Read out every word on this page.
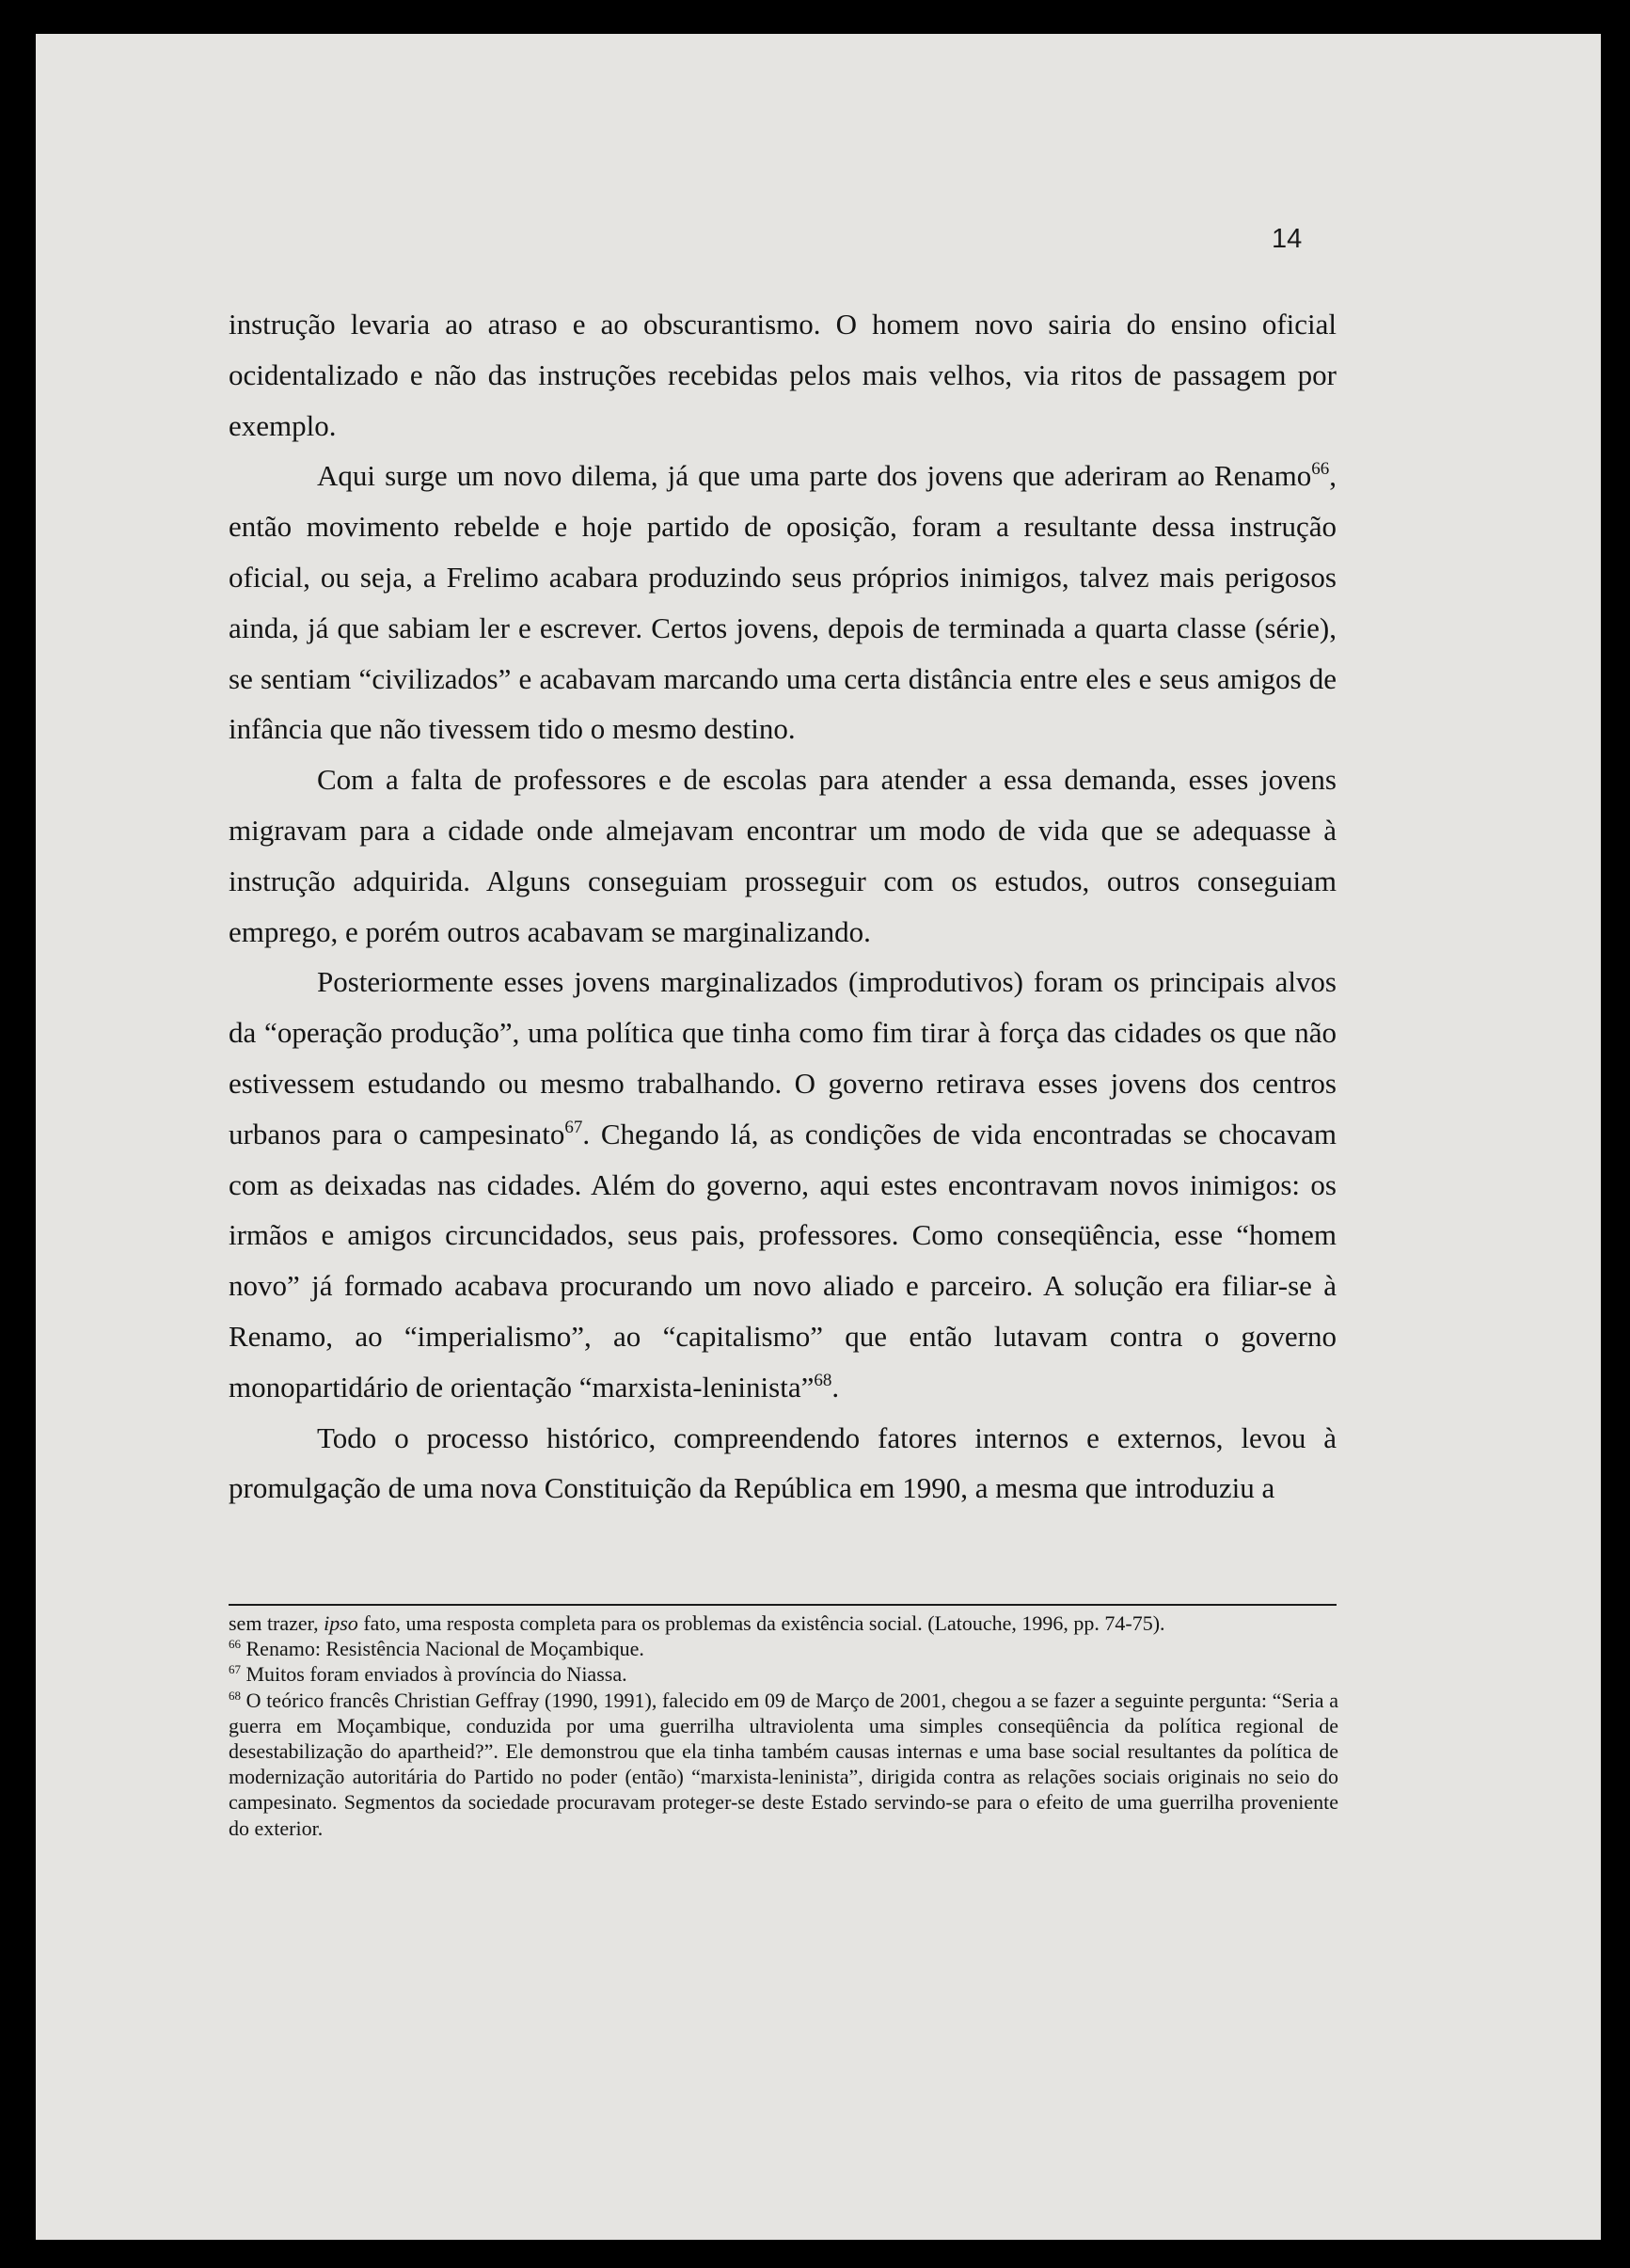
14

instrução levaria ao atraso e ao obscurantismo. O homem novo sairia do ensino oficial ocidentalizado e não das instruções recebidas pelos mais velhos, via ritos de passagem por exemplo.

Aqui surge um novo dilema, já que uma parte dos jovens que aderiram ao Renamo$^{66}$, então movimento rebelde e hoje partido de oposição, foram a resultante dessa instrução oficial, ou seja, a Frelimo acabara produzindo seus próprios inimigos, talvez mais perigosos ainda, já que sabiam ler e escrever. Certos jovens, depois de terminada a quarta classe (série), se sentiam “civilizados” e acabavam marcando uma certa distância entre eles e seus amigos de infância que não tivessem tido o mesmo destino.

Com a falta de professores e de escolas para atender a essa demanda, esses jovens migravam para a cidade onde almejavam encontrar um modo de vida que se adequasse à instrução adquirida. Alguns conseguiam prosseguir com os estudos, outros conseguiam emprego, e porém outros acabavam se marginalizando.

Posteriormente esses jovens marginalizados (improdutivos) foram os principais alvos da “operação produção”, uma política que tinha como fim tirar à força das cidades os que não estivessem estudando ou mesmo trabalhando. O governo retirava esses jovens dos centros urbanos para o campesinato$^{67}$. Chegando lá, as condições de vida encontradas se chocavam com as deixadas nas cidades. Além do governo, aqui estes encontravam novos inimigos: os irmãos e amigos circuncidados, seus pais, professores. Como conseqüência, esse “homem novo” já formado acabava procurando um novo aliado e parceiro. A solução era filiar-se à Renamo, ao “imperialismo”, ao “capitalismo” que então lutavam contra o governo monopartidário de orientação “marxista-leninista”$^{68}$.

Todo o processo histórico, compreendendo fatores internos e externos, levou à promulgação de uma nova Constituição da República em 1990, a mesma que introduziu a

sem trazer, ipso fato, uma resposta completa para os problemas da existência social. (Latouche, 1996, pp. 74-75).

$^{66}$ Renamo: Resistência Nacional de Moçambique.

$^{67}$ Muitos foram enviados à província do Niassa.

$^{68}$ O teórico francês Christian Geffray (1990, 1991), falecido em 09 de Março de 2001, chegou a se fazer a seguinte pergunta: “Seria a guerra em Moçambique, conduzida por uma guerrilha ultraviolenta uma simples conseqüência da política regional de desestabilização do apartheid?”. Ele demonstrou que ela tinha também causas internas e uma base social resultantes da política de modernização autoritária do Partido no poder (então) “marxista-leninista”, dirigida contra as relações sociais originais no seio do campesinato. Segmentos da sociedade procuravam proteger-se deste Estado servindo-se para o efeito de uma guerrilha proveniente do exterior.
